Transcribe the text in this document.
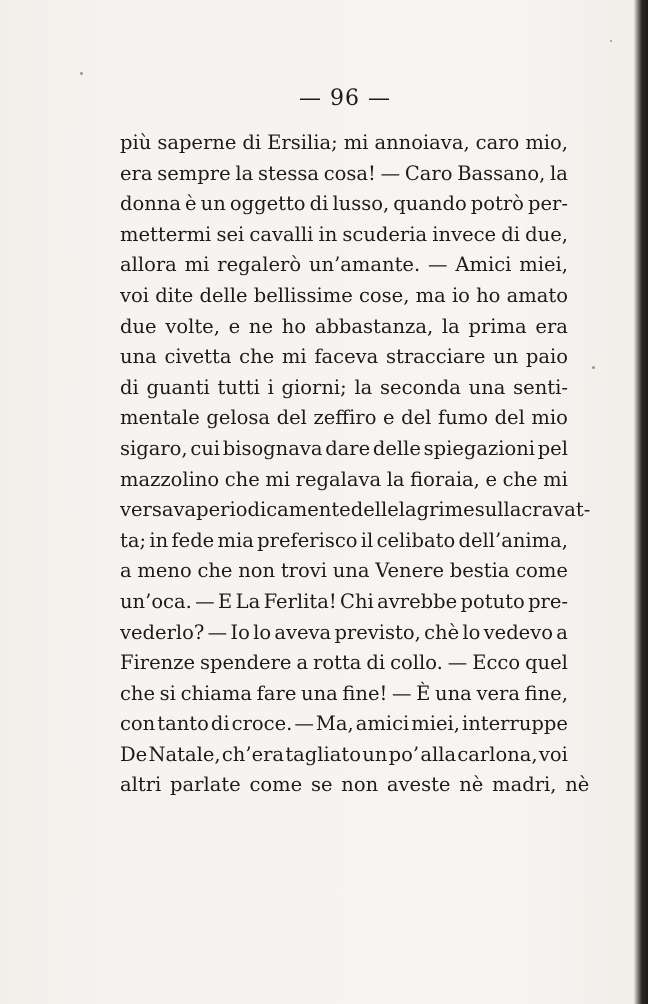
— 96 —
più saperne di Ersilia; mi annoiava, caro mio,
era sempre la stessa cosa! — Caro Bassano, la
donna è un oggetto di lusso, quando potrò per-
mettermi sei cavalli in scuderia invece di due,
allora mi regalerò un’amante. — Amici miei,
voi dite delle bellissime cose, ma io ho amato
due volte, e ne ho abbastanza, la prima era
una civetta che mi faceva stracciare un paio
di guanti tutti i giorni; la seconda una senti-
mentale gelosa del zeffiro e del fumo del mio
sigaro, cui bisognava dare delle spiegazioni pel
mazzolino che mi regalava la fioraia, e che mi
versava periodicamente delle lagrime sulla cravat-
ta; in fede mia preferisco il celibato dell’anima,
a meno che non trovi una Venere bestia come
un’oca. — E La Ferlita! Chi avrebbe potuto pre-
vederlo? — Io lo aveva previsto, chè lo vedevo a
Firenze spendere a rotta di collo. — Ecco quel
che si chiama fare una fine! — È una vera fine,
con tanto di croce. — Ma, amici miei, interruppe
De Natale, ch’era tagliato un po’ alla carlona, voi
altri parlate come se non aveste nè madri, nè
